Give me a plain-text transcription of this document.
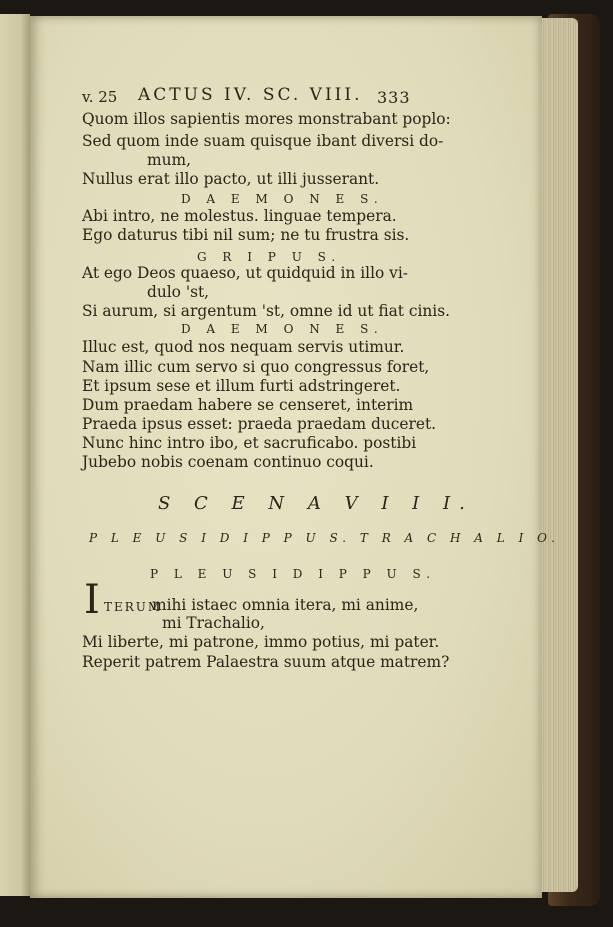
v. 25 ACTUS IV. SC. VIII. 333
Quom illos sapientis mores monstrabant poplo:
Sed quom inde suam quisque ibant diversi do-
mum,
Nullus erat illo pacto, ut illi jusserant.
D A E M O N E S.
Abi intro, ne molestus. linguae tempera.
Ego daturus tibi nil sum; ne tu frustra sis.
G R I P U S.
At ego Deos quaeso, ut quidquid in illo vi-
dulo 'st,
Si aurum, si argentum 'st, omne id ut fiat cinis.
D A E M O N E S.
Illuc est, quod nos nequam servis utimur.
Nam illic cum servo si quo congressus foret,
Et ipsum sese et illum furti adstringeret.
Dum praedam habere se censeret, interim
Praeda ipsus esset: praeda praedam duceret.
Nunc hinc intro ibo, et sacruficabo. postibi
Jubebo nobis coenam continuo coqui.
S C E N A V I I I.
P L E U S I D I P P U S. T R A C H A L I O.
P L E U S I D I P P U S.
I TERUM
mihi istaec omnia itera, mi anime,
mi Trachalio,
Mi liberte, mi patrone, immo potius, mi pater.
Reperit patrem Palaestra suum atque matrem?
